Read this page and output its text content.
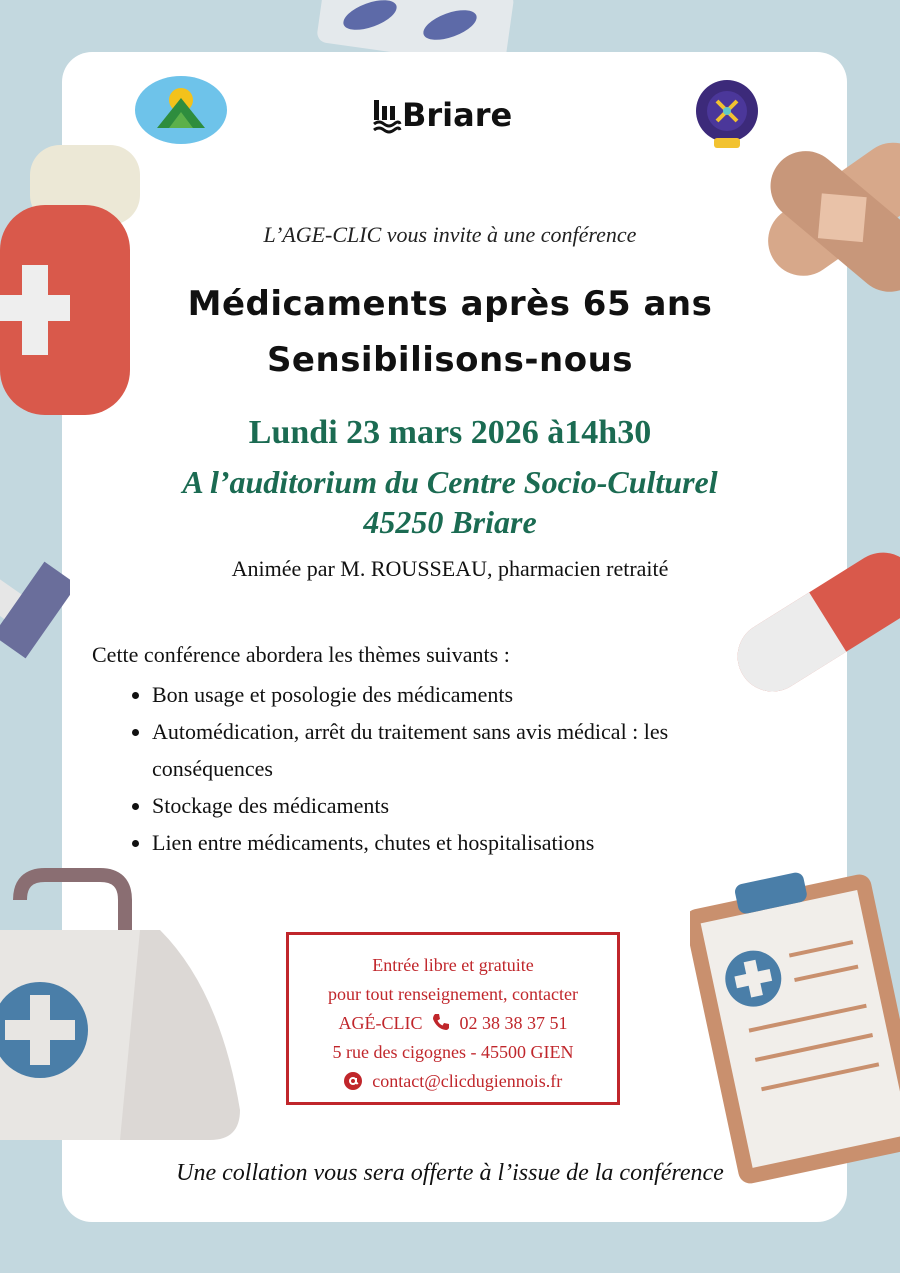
Briare
L’AGE-CLIC vous invite à une conférence
Médicaments après 65 ans
Sensibilisons-nous
Lundi 23 mars 2026 à14h30
A l’auditorium du Centre Socio-Culturel
45250 Briare
Animée par M. ROUSSEAU, pharmacien retraité
Cette conférence abordera les thèmes suivants :
• Bon usage et posologie des médicaments
• Automédication, arrêt du traitement sans avis médical : les conséquences
• Stockage des médicaments
• Lien entre médicaments, chutes et hospitalisations
Entrée libre et gratuite
pour tout renseignement, contacter
AGÉ-CLIC 02 38 38 37 51
5 rue des cigognes - 45500 GIEN
contact@clicdugiennois.fr
Une collation vous sera offerte à l’issue de la conférence
